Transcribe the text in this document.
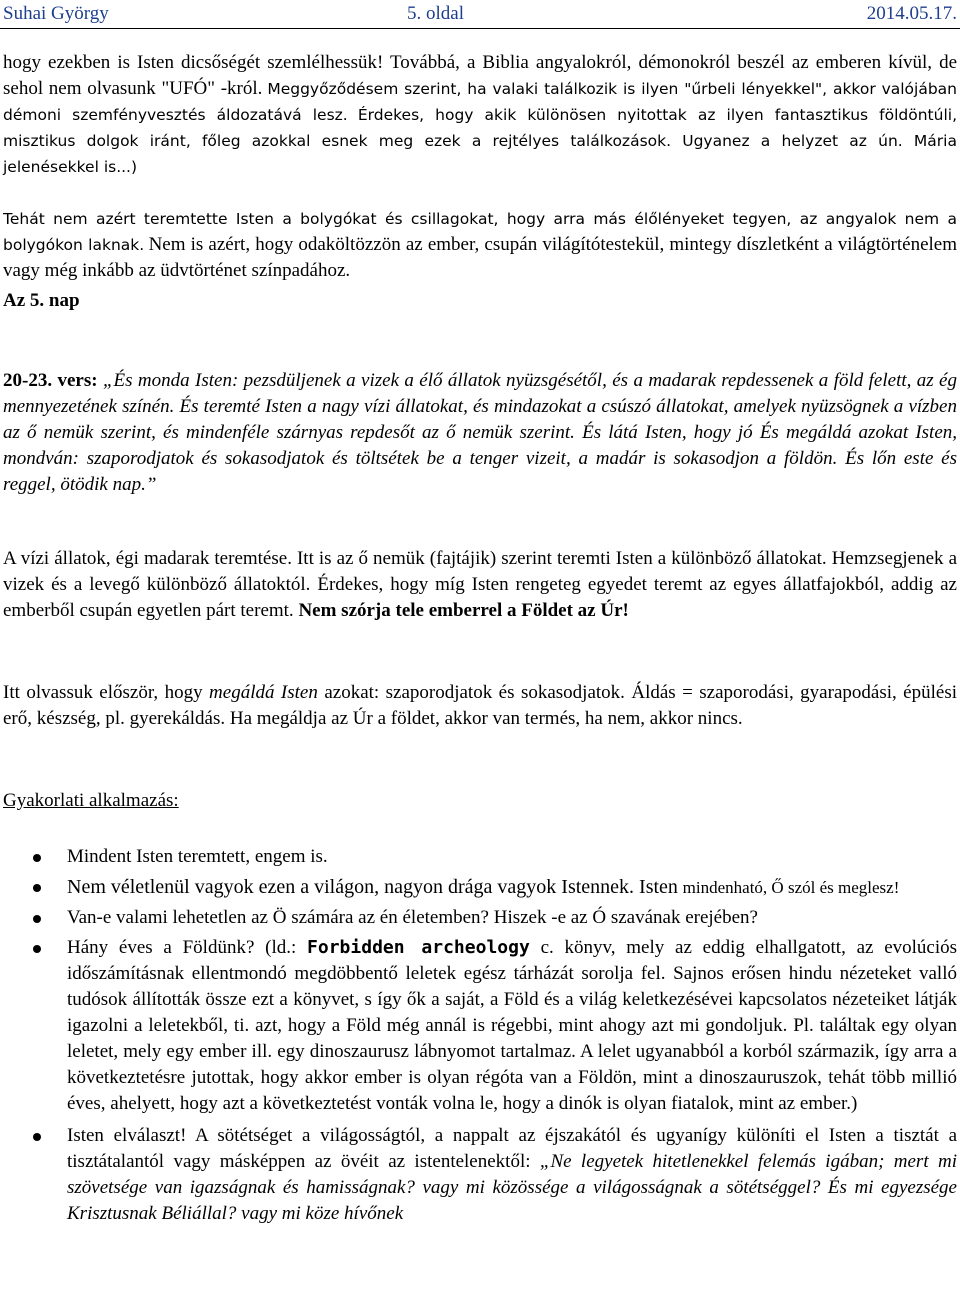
Suhai György	5. oldal	2014.05.17.

hogy ezekben is Isten dicsőségét szemlélhessük! Továbbá, a Biblia angyalokról, démonokról beszél az emberen kívül, de sehol nem olvasunk "UFÓ" -król. Meggyőződésem szerint, ha valaki találkozik is ilyen "űrbeli lényekkel", akkor valójában démoni szemfényvesztés áldozatává lesz. Érdekes, hogy akik különösen nyitottak az ilyen fantasztikus földöntúli, misztikus dolgok iránt, főleg azokkal esnek meg ezek a rejtélyes találkozások. Ugyanez a helyzet az ún. Mária jelenésekkel is...)

Tehát nem azért teremtette Isten a bolygókat és csillagokat, hogy arra más élőlényeket tegyen, az angyalok nem a bolygókon laknak. Nem is azért, hogy odaköltözzön az ember, csupán világítótestekül, mintegy díszletként a világtörténelem vagy még inkább az üdvtörténet színpadához.

Az 5. nap

20-23. vers: „És monda Isten: pezsdüljenek a vizek a élő állatok nyüzsgésétől, és a madarak repdessenek a föld felett, az ég mennyezetének színén. És teremté Isten a nagy vízi állatokat, és mindazokat a csúszó állatokat, amelyek nyüzsögnek a vízben az ő nemük szerint, és mindenféle szárnyas repdesőt az ő nemük szerint. És látá Isten, hogy jó És megáldá azokat Isten, mondván: szaporodjatok és sokasodjatok és töltsétek be a tenger vizeit, a madár is sokasodjon a földön. És lőn este és reggel, ötödik nap.”

A vízi állatok, égi madarak teremtése. Itt is az ő nemük (fajtájik) szerint teremti Isten a különböző állatokat. Hemzsegjenek a vizek és a levegő különböző állatoktól. Érdekes, hogy míg Isten rengeteg egyedet teremt az egyes állatfajokból, addig az emberből csupán egyetlen párt teremt. Nem szórja tele emberrel a Földet az Úr!

Itt olvassuk először, hogy megáldá Isten azokat: szaporodjatok és sokasodjatok. Áldás = szaporodási, gyarapodási, épülési erő, készség, pl. gyerekáldás. Ha megáldja az Úr a földet, akkor van termés, ha nem, akkor nincs.

Gyakorlati alkalmazás:

Mindent Isten teremtett, engem is.
Nem véletlenül vagyok ezen a világon, nagyon drága vagyok Istennek. Isten mindenható, Ő szól és meglesz!
Van-e valami lehetetlen az Ö számára az én életemben? Hiszek -e az Ó szavának erejében?
Hány éves a Földünk? (ld.: Forbidden archeology c. könyv, mely az eddig elhallgatott, az evolúciós időszámításnak ellentmondó megdöbbentő leletek egész tárházát sorolja fel. Sajnos erősen hindu nézeteket valló tudósok állították össze ezt a könyvet, s így ők a saját, a Föld és a világ keletkezésévei kapcsolatos nézeteiket látják igazolni a leletekből, ti. azt, hogy a Föld még annál is régebbi, mint ahogy azt mi gondoljuk. Pl. találtak egy olyan leletet, mely egy ember ill. egy dinoszaurusz lábnyomot tartalmaz. A lelet ugyanabból a korból származik, így arra a következtetésre jutottak, hogy akkor ember is olyan régóta van a Földön, mint a dinoszauruszok, tehát több millió éves, ahelyett, hogy azt a következtetést vonták volna le, hogy a dinók is olyan fiatalok, mint az ember.)
Isten elválaszt! A sötétséget a világosságtól, a nappalt az éjszakától és ugyanígy különíti el Isten a tisztát a tisztátalantól vagy másképpen az övéit az istentelenektől: „Ne legyetek hitetlenekkel felemás igában; mert mi szövetsége van igazságnak és hamisságnak? vagy mi közössége a világosságnak a sötétséggel? És mi egyezsége Krisztusnak Béliállal? vagy mi köze hívőnek
